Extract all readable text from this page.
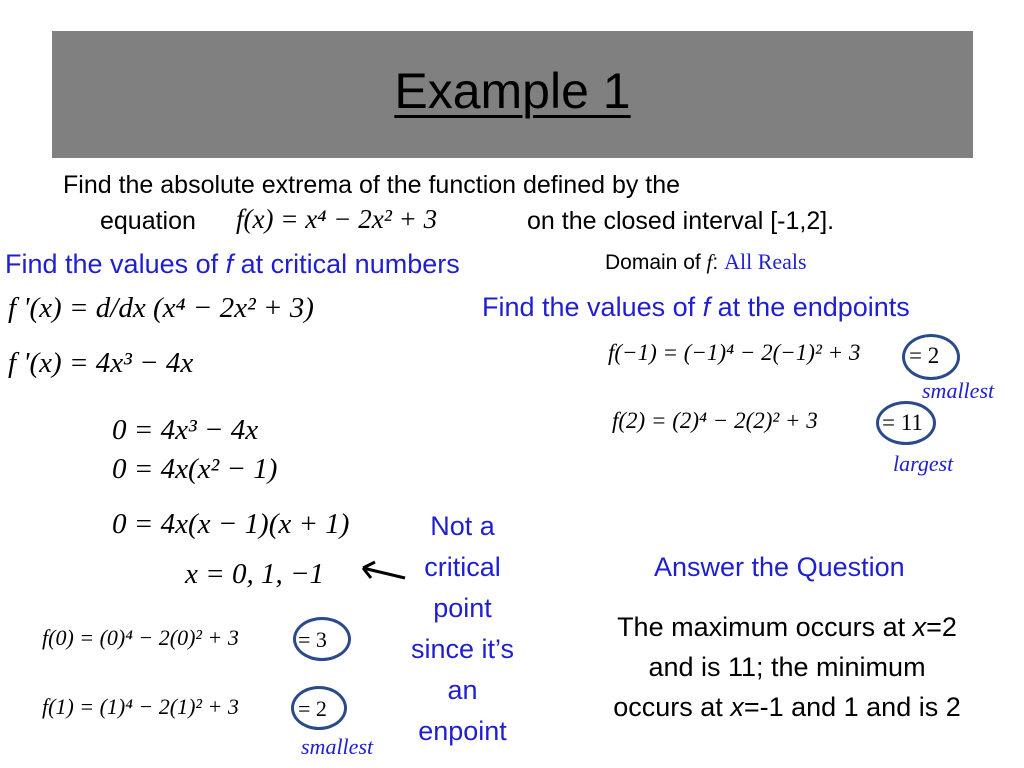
Example 1
Find the absolute extrema of the function defined by the
equation f(x) = x⁴ − 2x² + 3	on the closed interval [-1,2].
Find the values of f at critical numbers	Domain of f: All Reals
Find the values of f at the endpoints
f '(x) = d/dx (x⁴ − 2x² + 3)
f '(x) = 4x³ − 4x
0 = 4x³ − 4x
0 = 4x(x² − 1)
0 = 4x(x − 1)(x + 1)
x = 0, 1, −1
Not a
critical
point
since it’s
an
enpoint
f(−1) = (−1)⁴ − 2(−1)² + 3 = 2
smallest
f(2) = (2)⁴ − 2(2)² + 3	= 11
largest
f(0) = (0)⁴ − 2(0)² + 3	= 3
f(1) = (1)⁴ − 2(1)² + 3	= 2
smallest
Answer the Question
The maximum occurs at x=2
and is 11; the minimum
occurs at x=-1 and 1 and is 2
